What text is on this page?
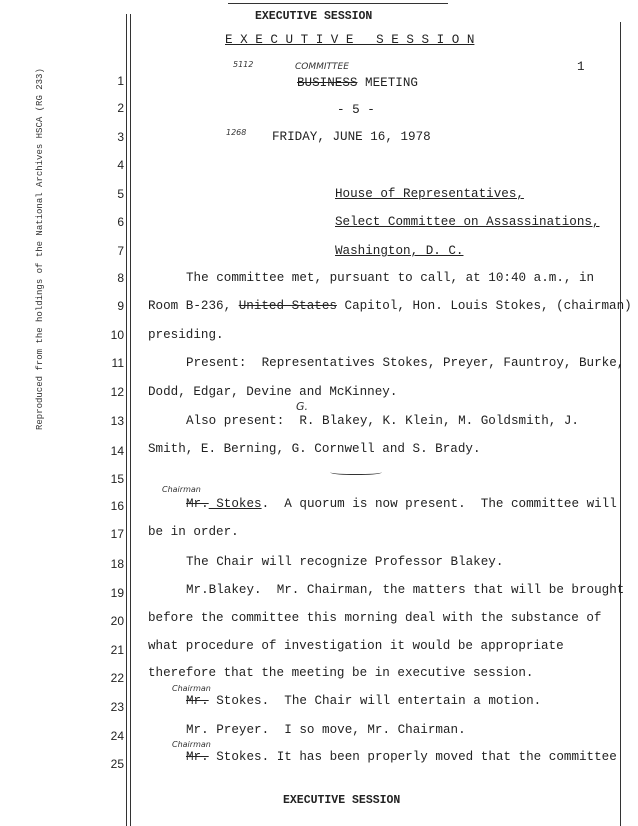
Reproduced from the holdings of the National Archives HSCA (RG 233)	1
2
3
4
5
6
7
8
9
10
11
12
13
14
15
16
17
18
19
20
21
22
23
24
25
EXECUTIVE SESSION
E X E C U T I V E   S E S S I O N
1
5112	COMMITTEE
BUSINESS MEETING
- 5 -
1268 FRIDAY, JUNE 16, 1978
House of Representatives,
Select Committee on Assassinations,
Washington, D. C.
The committee met, pursuant to call, at 10:40 a.m., in
Room B-236, United States Capitol, Hon. Louis Stokes, (chairman)
presiding.
Present:  Representatives Stokes, Preyer, Fauntroy, Burke,
Dodd, Edgar, Devine and McKinney.
G.
Also present:  R. Blakey, K. Klein, M. Goldsmith, J.
Smith, E. Berning, G. Cornwell and S. Brady.
Chairman
Mr. Stokes.  A quorum is now present.  The committee will
be in order.
The Chair will recognize Professor Blakey.
Mr.Blakey.  Mr. Chairman, the matters that will be brought
before the committee this morning deal with the substance of
what procedure of investigation it would be appropriate
therefore that the meeting be in executive session.
Chairman
Mr. Stokes.  The Chair will entertain a motion.
Mr. Preyer.  I so move, Mr. Chairman.
Chairman
Mr. Stokes. It has been properly moved that the committee
EXECUTIVE SESSION
